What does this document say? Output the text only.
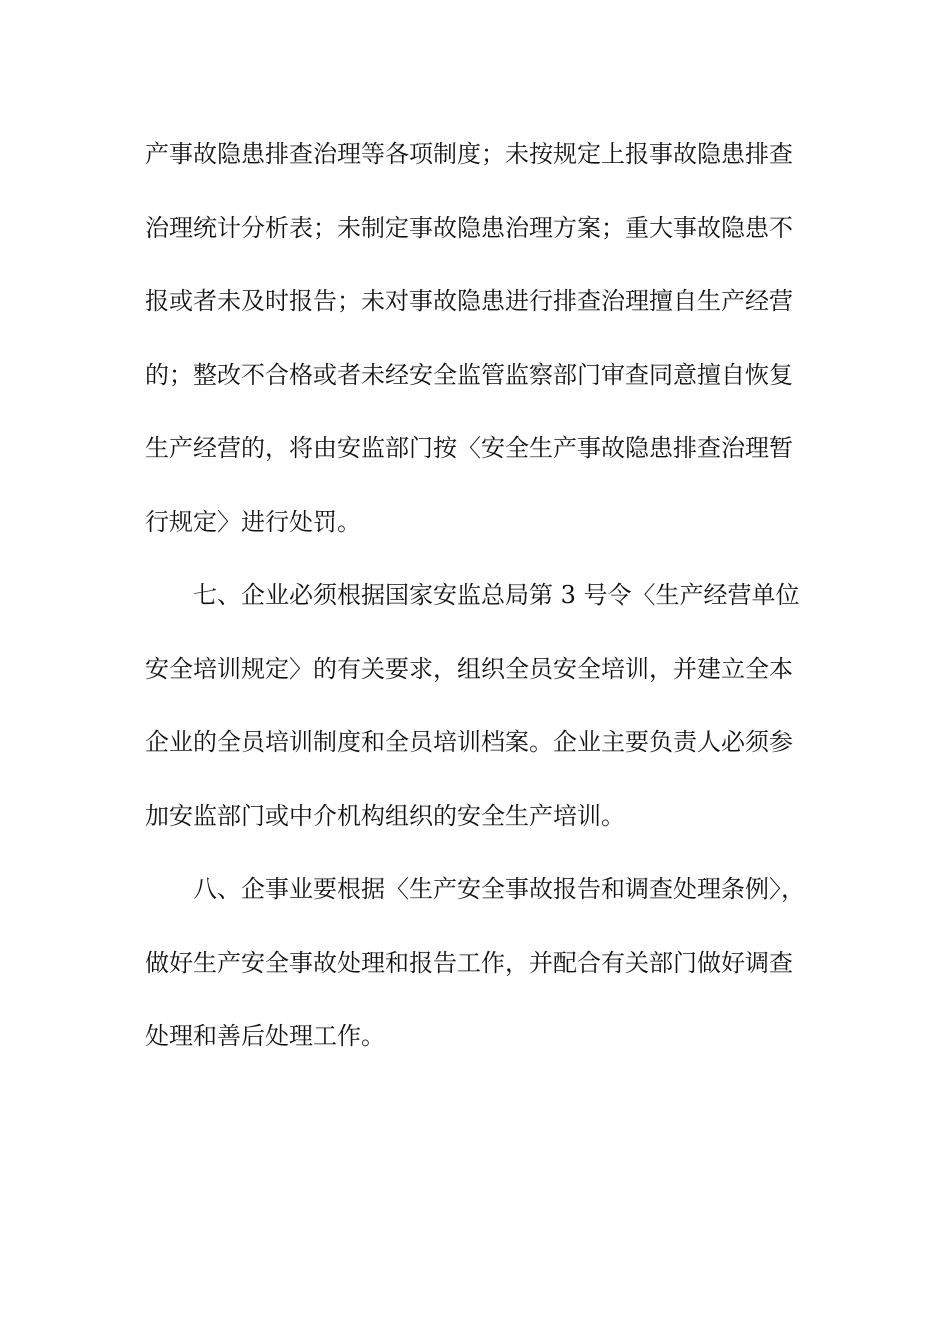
产事故隐患排查治理等各项制度；未按规定上报事故隐患排查
治理统计分析表；未制定事故隐患治理方案；重大事故隐患不
报或者未及时报告；未对事故隐患进行排查治理擅自生产经营
的；整改不合格或者未经安全监管监察部门审查同意擅自恢复
生产经营的，将由安监部门按〈安全生产事故隐患排查治理暂
行规定〉进行处罚。
七、企业必须根据国家安监总局第 3 号令〈生产经营单位
安全培训规定〉的有关要求，组织全员安全培训，并建立全本
企业的全员培训制度和全员培训档案。企业主要负责人必须参
加安监部门或中介机构组织的安全生产培训。
八、企事业要根据〈生产安全事故报告和调查处理条例〉，
做好生产安全事故处理和报告工作，并配合有关部门做好调查
处理和善后处理工作。
